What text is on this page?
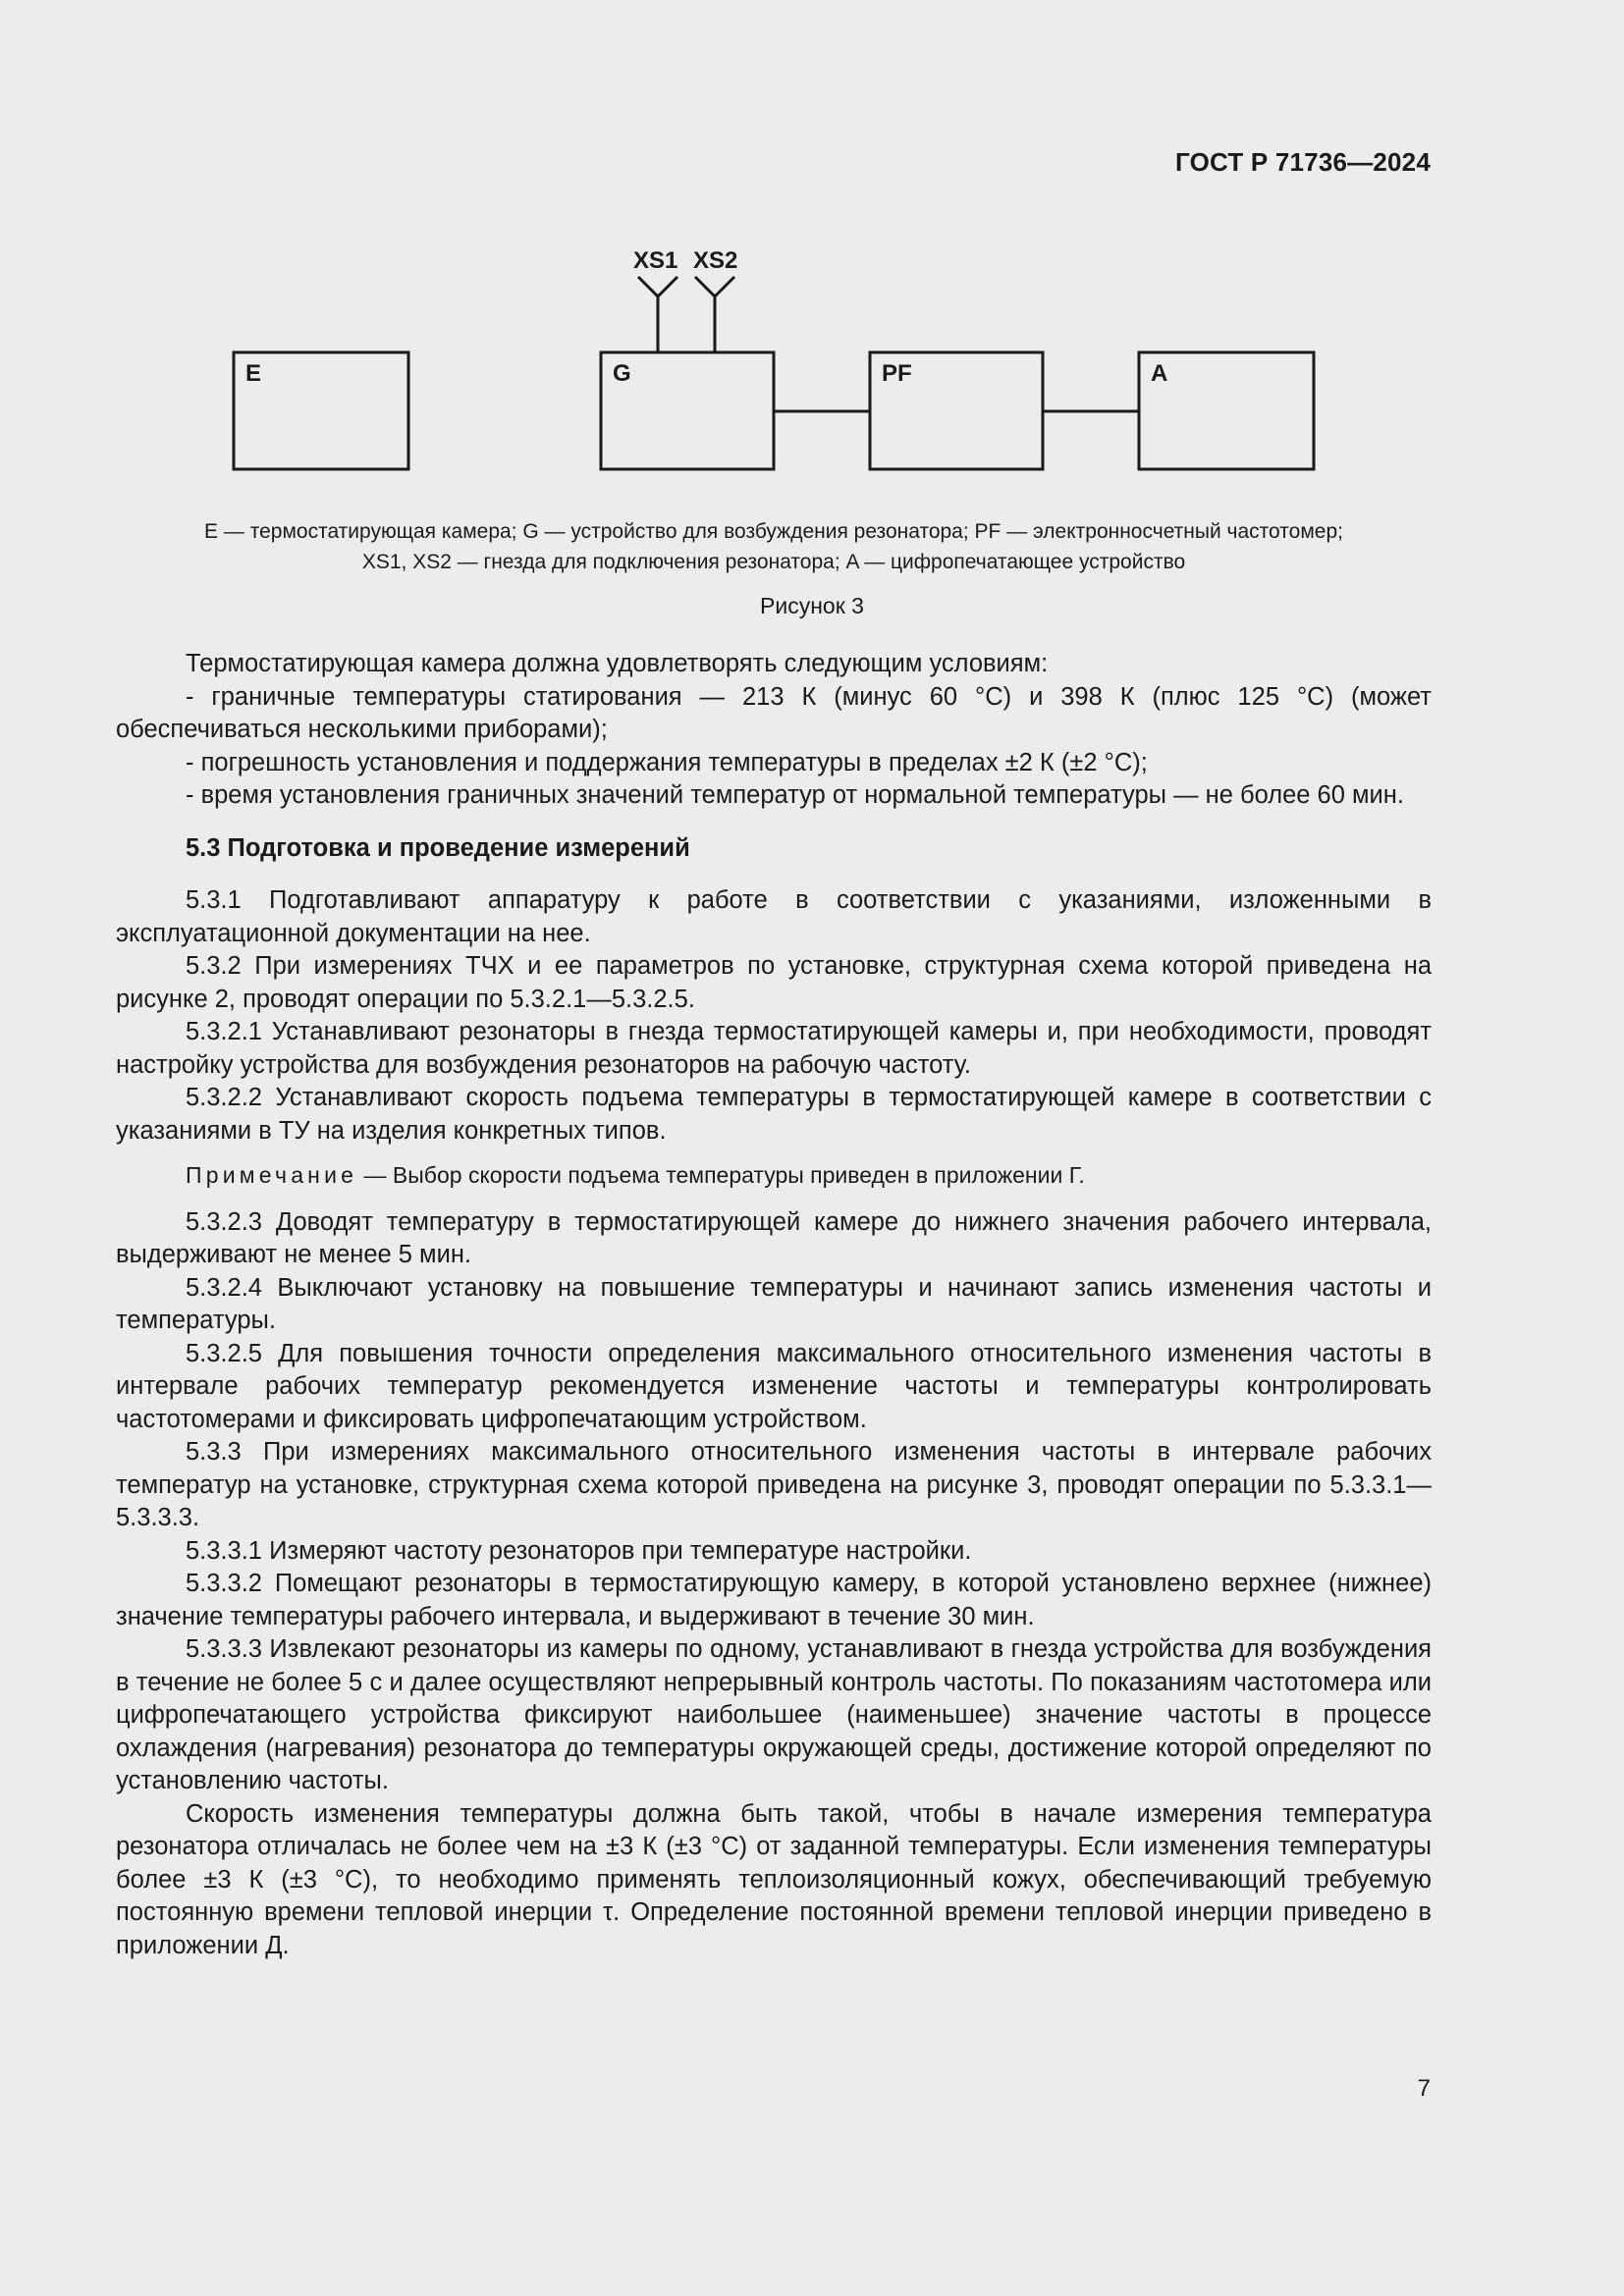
ГОСТ Р 71736—2024
E	G	PF	A
XS1 XS2
E — термостатирующая камера; G — устройство для возбуждения резонатора; PF — электронносчетный частотомер;
XS1, XS2 — гнезда для подключения резонатора; A — цифропечатающее устройство
Рисунок 3

Термостатирующая камера должна удовлетворять следующим условиям:

- граничные температуры статирования — 213 К (минус 60 °С) и 398 К (плюс 125 °С) (может обеспечиваться несколькими приборами);

- погрешность установления и поддержания температуры в пределах ±2 К (±2 °С);

- время установления граничных значений температур от нормальной температуры — не более 60 мин.

5.3 Подготовка и проведение измерений

5.3.1 Подготавливают аппаратуру к работе в соответствии с указаниями, изложенными в эксплуатационной документации на нее.

5.3.2 При измерениях ТЧХ и ее параметров по установке, структурная схема которой приведена на рисунке 2, проводят операции по 5.3.2.1—5.3.2.5.

5.3.2.1 Устанавливают резонаторы в гнезда термостатирующей камеры и, при необходимости, проводят настройку устройства для возбуждения резонаторов на рабочую частоту.

5.3.2.2 Устанавливают скорость подъема температуры в термостатирующей камере в соответствии с указаниями в ТУ на изделия конкретных типов.

Примечание — Выбор скорости подъема температуры приведен в приложении Г.

5.3.2.3 Доводят температуру в термостатирующей камере до нижнего значения рабочего интервала, выдерживают не менее 5 мин.

5.3.2.4 Выключают установку на повышение температуры и начинают запись изменения частоты и температуры.

5.3.2.5 Для повышения точности определения максимального относительного изменения частоты в интервале рабочих температур рекомендуется изменение частоты и температуры контролировать частотомерами и фиксировать цифропечатающим устройством.

5.3.3 При измерениях максимального относительного изменения частоты в интервале рабочих температур на установке, структурная схема которой приведена на рисунке 3, проводят операции по 5.3.3.1—5.3.3.3.

5.3.3.1 Измеряют частоту резонаторов при температуре настройки.

5.3.3.2 Помещают резонаторы в термостатирующую камеру, в которой установлено верхнее (нижнее) значение температуры рабочего интервала, и выдерживают в течение 30 мин.

5.3.3.3 Извлекают резонаторы из камеры по одному, устанавливают в гнезда устройства для возбуждения в течение не более 5 с и далее осуществляют непрерывный контроль частоты. По показаниям частотомера или цифропечатающего устройства фиксируют наибольшее (наименьшее) значение частоты в процессе охлаждения (нагревания) резонатора до температуры окружающей среды, достижение которой определяют по установлению частоты.

Скорость изменения температуры должна быть такой, чтобы в начале измерения температура резонатора отличалась не более чем на ±3 К (±3 °С) от заданной температуры. Если изменения температуры более ±3 К (±3 °С), то необходимо применять теплоизоляционный кожух, обеспечивающий требуемую постоянную времени тепловой инерции τ. Определение постоянной времени тепловой инерции приведено в приложении Д.

7
